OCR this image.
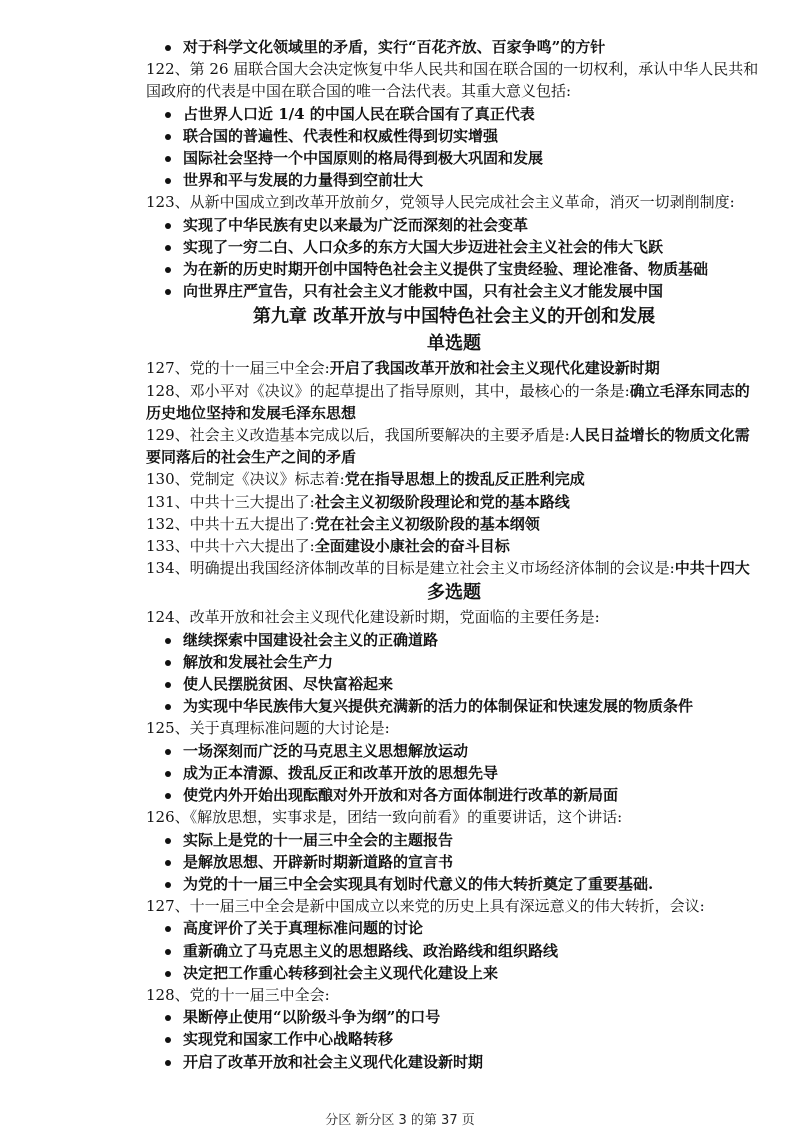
对于科学文化领域里的矛盾，实行“百花齐放、百家争鸣”的方针
122、第 26 届联合国大会决定恢复中华人民共和国在联合国的一切权利，承认中华人民共和国政府的代表是中国在联合国的唯一合法代表。其重大意义包括:
占世界人口近 1/4 的中国人民在联合国有了真正代表
联合国的普遍性、代表性和权威性得到切实增强
国际社会坚持一个中国原则的格局得到极大巩固和发展
世界和平与发展的力量得到空前壮大
123、从新中国成立到改革开放前夕，党领导人民完成社会主义革命，消灭一切剥削制度:
实现了中华民族有史以来最为广泛而深刻的社会变革
实现了一穷二白、人口众多的东方大国大步迈进社会主义社会的伟大飞跃
为在新的历史时期开创中国特色社会主义提供了宝贵经验、理论准备、物质基础
向世界庄严宣告，只有社会主义才能救中国，只有社会主义才能发展中国
第九章 改革开放与中国特色社会主义的开创和发展
单选题
127、党的十一届三中全会:开启了我国改革开放和社会主义现代化建设新时期
128、邓小平对《决议》的起草提出了指导原则，其中，最核心的一条是:确立毛泽东同志的历史地位坚持和发展毛泽东思想
129、社会主义改造基本完成以后，我国所要解决的主要矛盾是:人民日益增长的物质文化需要同落后的社会生产之间的矛盾
130、党制定《决议》标志着:党在指导思想上的拨乱反正胜利完成
131、中共十三大提出了:社会主义初级阶段理论和党的基本路线
132、中共十五大提出了:党在社会主义初级阶段的基本纲领
133、中共十六大提出了:全面建设小康社会的奋斗目标
134、明确提出我国经济体制改革的目标是建立社会主义市场经济体制的会议是:中共十四大
多选题
124、改革开放和社会主义现代化建设新时期，党面临的主要任务是:
继续探索中国建设社会主义的正确道路
解放和发展社会生产力
使人民摆脱贫困、尽快富裕起来
为实现中华民族伟大复兴提供充满新的活力的体制保证和快速发展的物质条件
125、关于真理标准问题的大讨论是:
一场深刻而广泛的马克思主义思想解放运动
成为正本清源、拨乱反正和改革开放的思想先导
使党内外开始出现酝酿对外开放和对各方面体制进行改革的新局面
126、《解放思想，实事求是，团结一致向前看》的重要讲话，这个讲话:
实际上是党的十一届三中全会的主题报告
是解放思想、开辟新时期新道路的宣言书
为党的十一届三中全会实现具有划时代意义的伟大转折奠定了重要基础.
127、十一届三中全会是新中国成立以来党的历史上具有深远意义的伟大转折，会议:
高度评价了关于真理标准问题的讨论
重新确立了马克思主义的思想路线、政治路线和组织路线
决定把工作重心转移到社会主义现代化建设上来
128、党的十一届三中全会:
果断停止使用“以阶级斗争为纲”的口号
实现党和国家工作中心战略转移
开启了改革开放和社会主义现代化建设新时期
分区 新分区 3 的第 37 页
